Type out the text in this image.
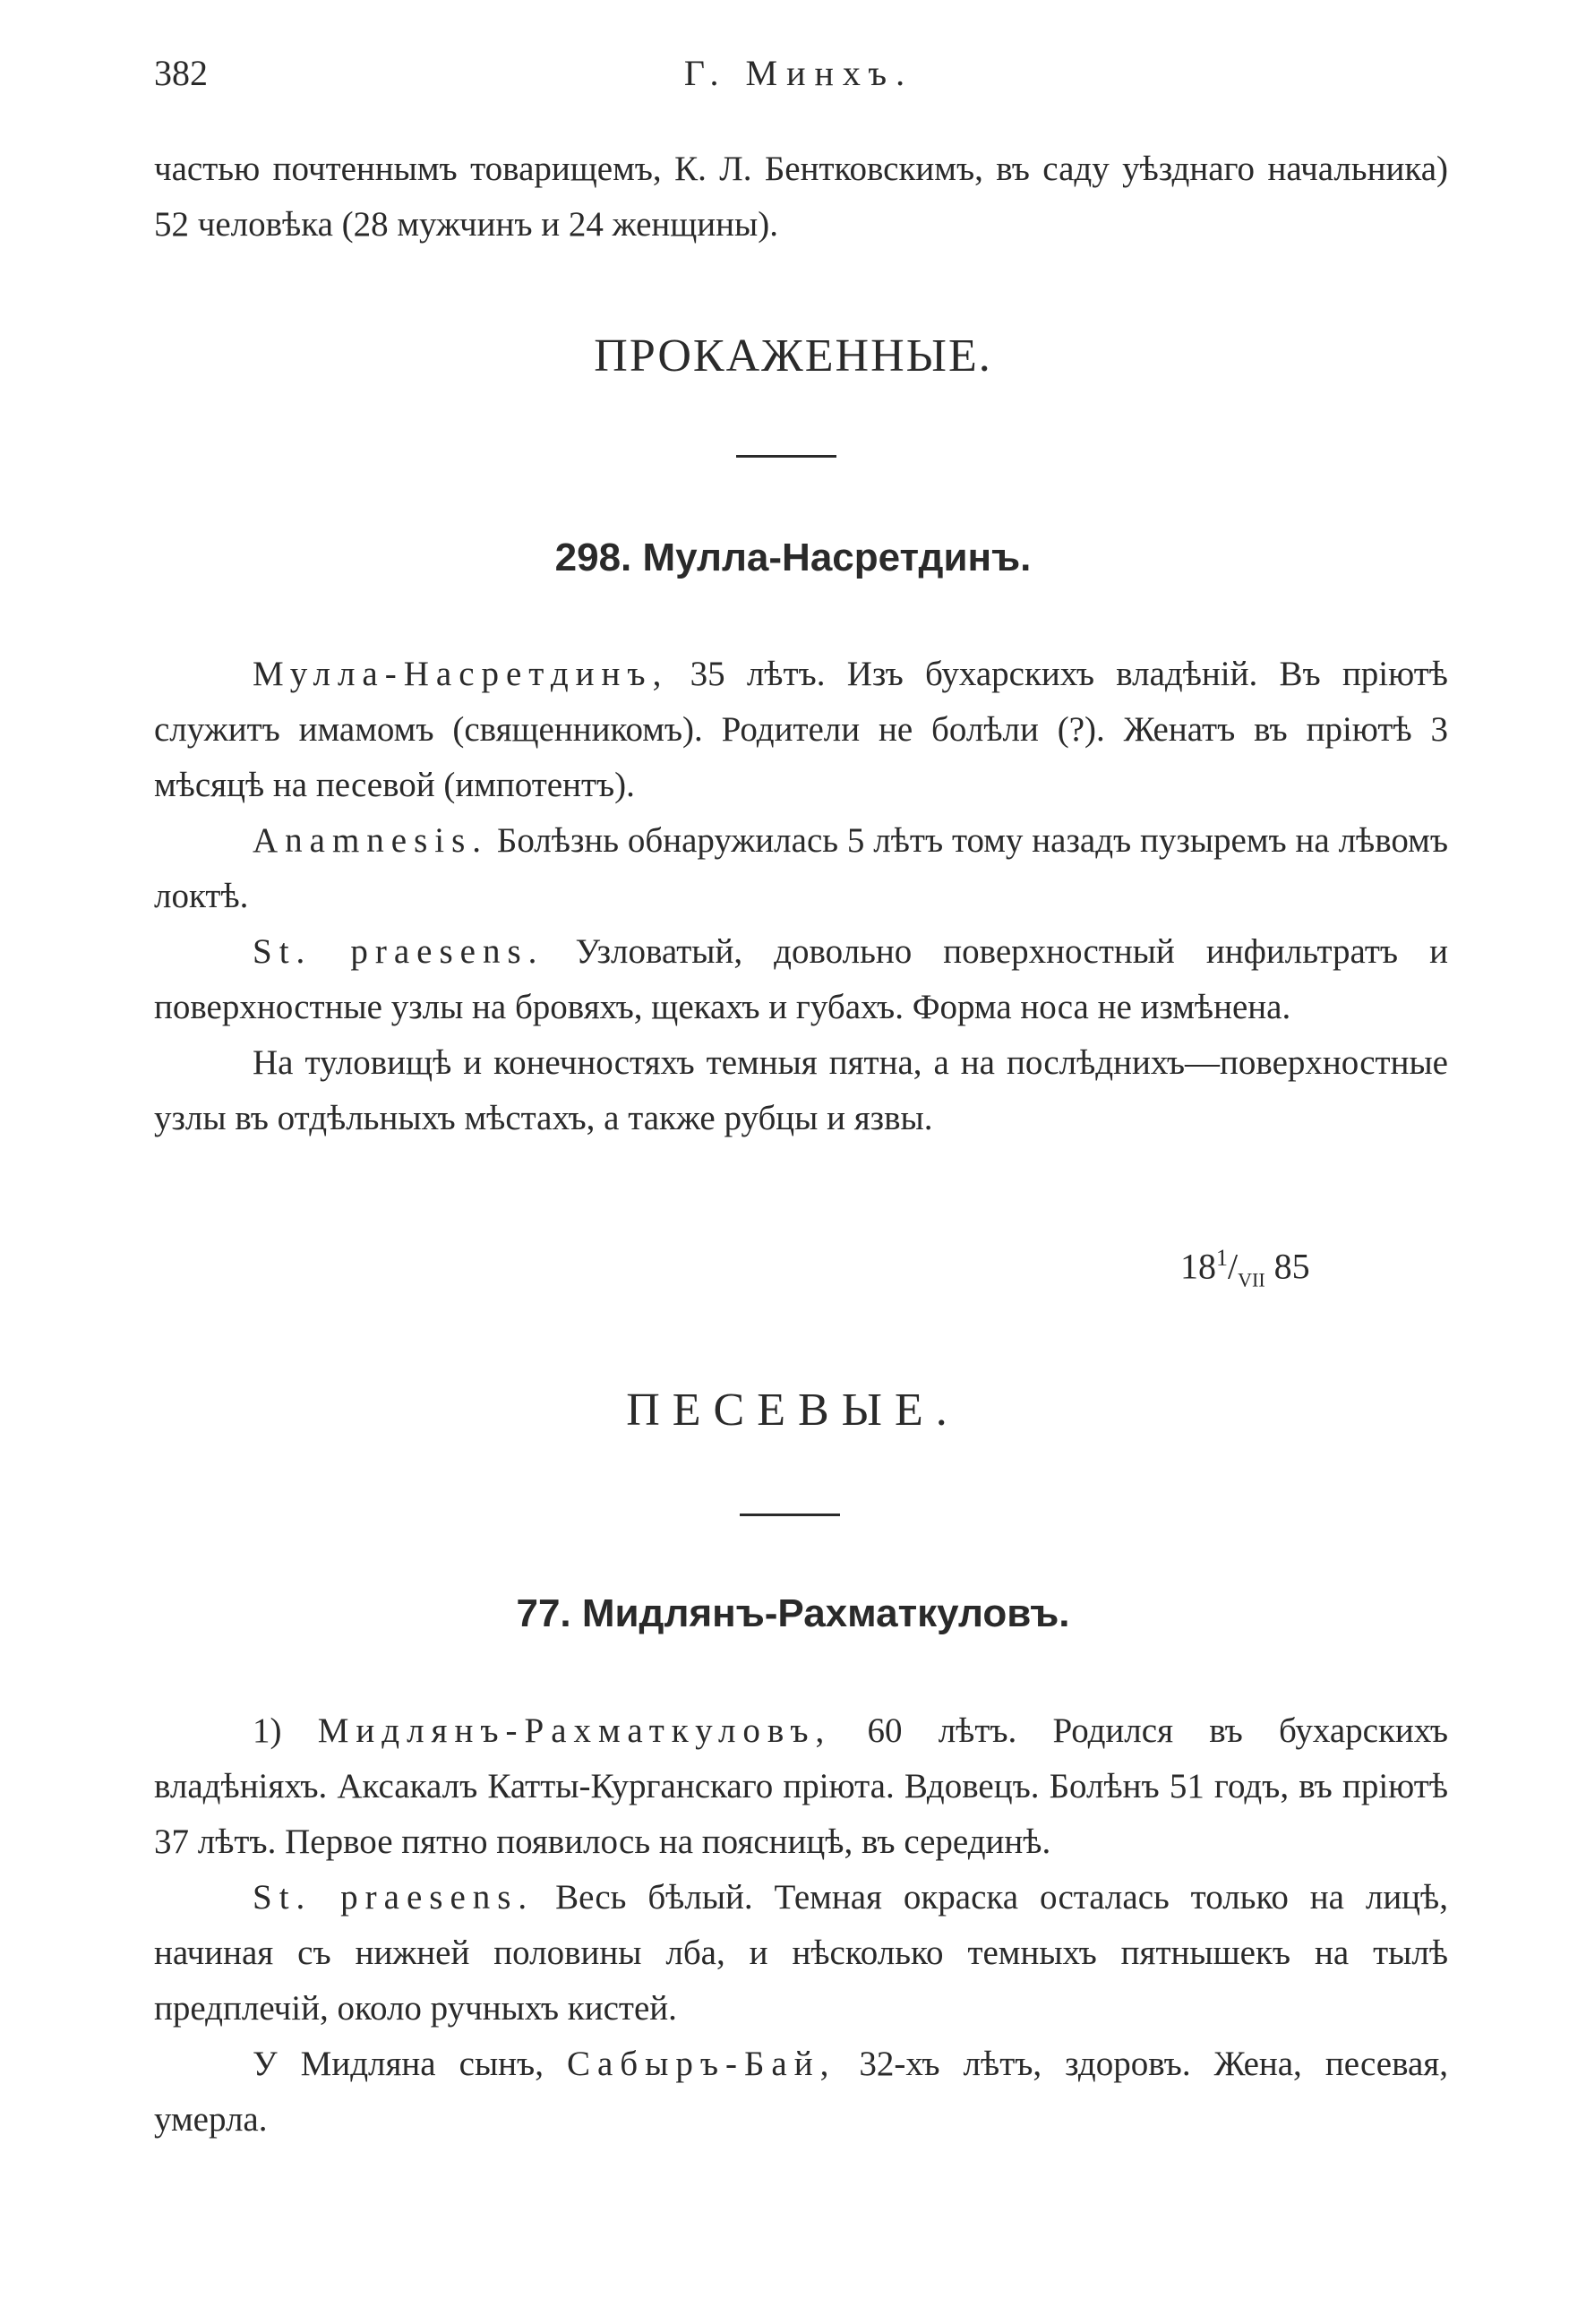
382	Г. Минхъ.

частью почтеннымъ товарищемъ, К. Л. Бентковскимъ, въ саду уѣзднаго начальника) 52 человѣка (28 мужчинъ и 24 женщины).

ПРОКАЖЕННЫЕ.
298. Мулла-Насретдинъ.

Мулла-Насретдинъ, 35 лѣтъ. Изъ бухарскихъ владѣній. Въ пріютѣ служитъ имамомъ (священникомъ). Родители не болѣли (?). Женатъ въ пріютѣ 3 мѣсяцѣ на песевой (импотентъ).

Anamnesis. Болѣзнь обнаружилась 5 лѣтъ тому назадъ пузыремъ на лѣвомъ локтѣ.

St. praesens. Узловатый, довольно поверхностный инфильтратъ и поверхностные узлы на бровяхъ, щекахъ и губахъ. Форма носа не измѣнена.

На туловищѣ и конечностяхъ темныя пятна, а на послѣднихъ—поверхностные узлы въ отдѣльныхъ мѣстахъ, а также рубцы и язвы.

$18^1/_{VII}$ 85
ПЕСЕВЫЕ.
77. Мидлянъ-Рахматкуловъ.

1) Мидлянъ-Рахматкуловъ, 60 лѣтъ. Родился въ бухарскихъ владѣніяхъ. Аксакалъ Катты-Курганскаго пріюта. Вдовецъ. Болѣнъ 51 годъ, въ пріютѣ 37 лѣтъ. Первое пятно появилось на поясницѣ, въ серединѣ.

St. praesens. Весь бѣлый. Темная окраска осталась только на лицѣ, начиная съ нижней половины лба, и нѣсколько темныхъ пятнышекъ на тылѣ предплечій, около ручныхъ кистей.

У Мидляна сынъ, Сабыръ-Бай, 32-хъ лѣтъ, здоровъ. Жена, песевая, умерла.
